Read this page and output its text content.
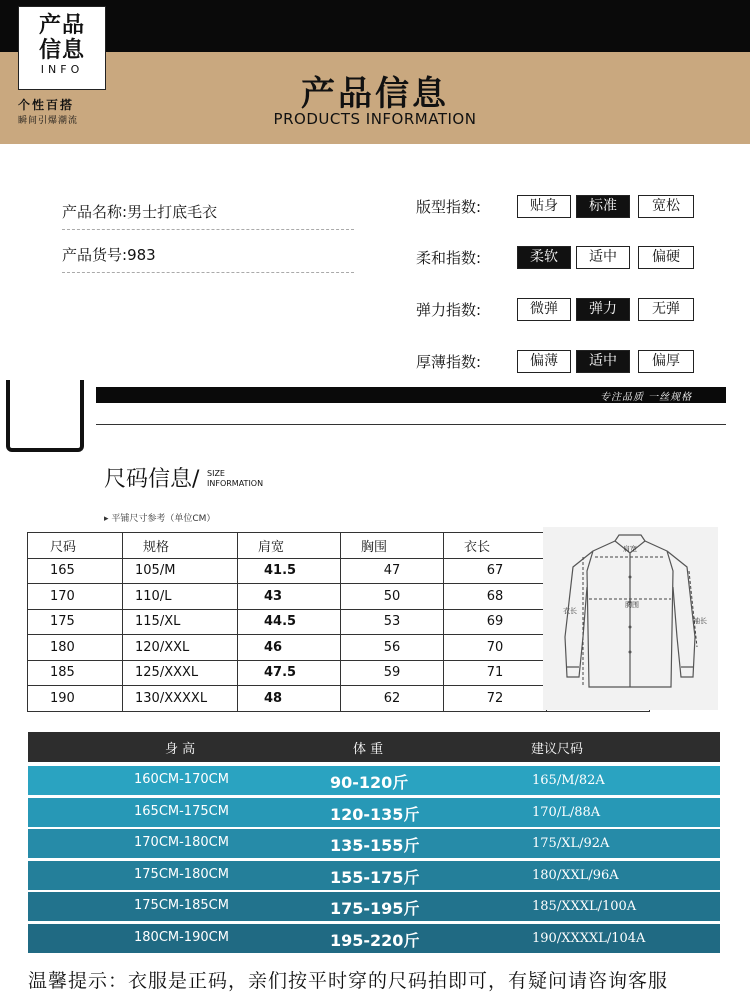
产品
信息
INFO
个性百搭
瞬间引爆潮流
产品信息
PRODUCTS INFORMATION
产品名称:男士打底毛衣
产品货号:983
版型指数:	贴身	标准	宽松
柔和指数:	柔软	适中	偏硬
弹力指数:	微弹	弹力	无弹
厚薄指数:	偏薄	适中	偏厚
专注品质 一丝规格
尺码信息/ SIZE
INFORMATION
▸ 平铺尺寸参考（单位CM）
尺码	规格	肩宽	胸围	衣长	
165	105/M	41.5	47	67	
170	110/L	43	50	68	
175	115/XL	44.5	53	69	
180	120/XXL	46	56	70	
185	125/XXXL	47.5	59	71	
190	130/XXXXL	48	62	72	
肩宽
衣长
胸围
袖长
身 高	体 重	建议尺码
160CM-170CM	90-120斤	165/M/82A
165CM-175CM	120-135斤	170/L/88A
170CM-180CM	135-155斤	175/XL/92A
175CM-180CM	155-175斤	180/XXL/96A
175CM-185CM	175-195斤	185/XXXL/100A
180CM-190CM	195-220斤	190/XXXXL/104A
温馨提示：衣服是正码，亲们按平时穿的尺码拍即可，有疑问请咨询客服
